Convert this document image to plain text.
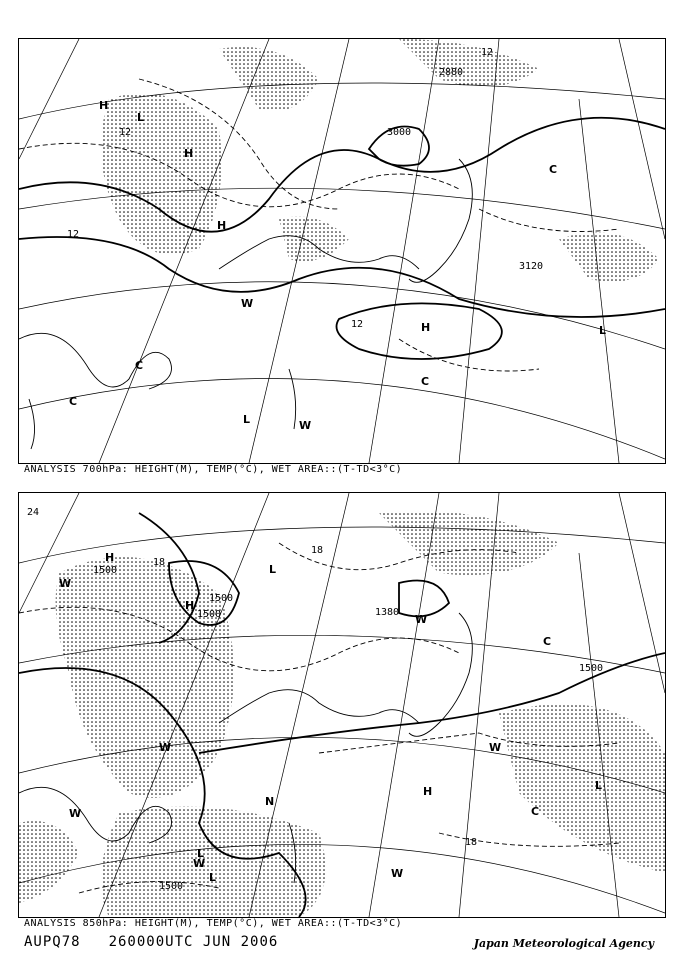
3000
3120
12
12
12
12
2880
H
H
H
L
L
L
C
C
C
C
W
W
H
ANALYSIS 700hPa: HEIGHT(M), TEMP(°C), WET AREA::(T-TD<3°C)
1500
1500
1500
1500
1380
18
18
18
24
1500
H
H
H
L
L
L
L
C
C
W
W
W
W
W
W
W
N
ANALYSIS 850hPa: HEIGHT(M), TEMP(°C), WET AREA::(T-TD<3°C)
AUPQ78 260000UTC JUN 2006	Japan Meteorological Agency
